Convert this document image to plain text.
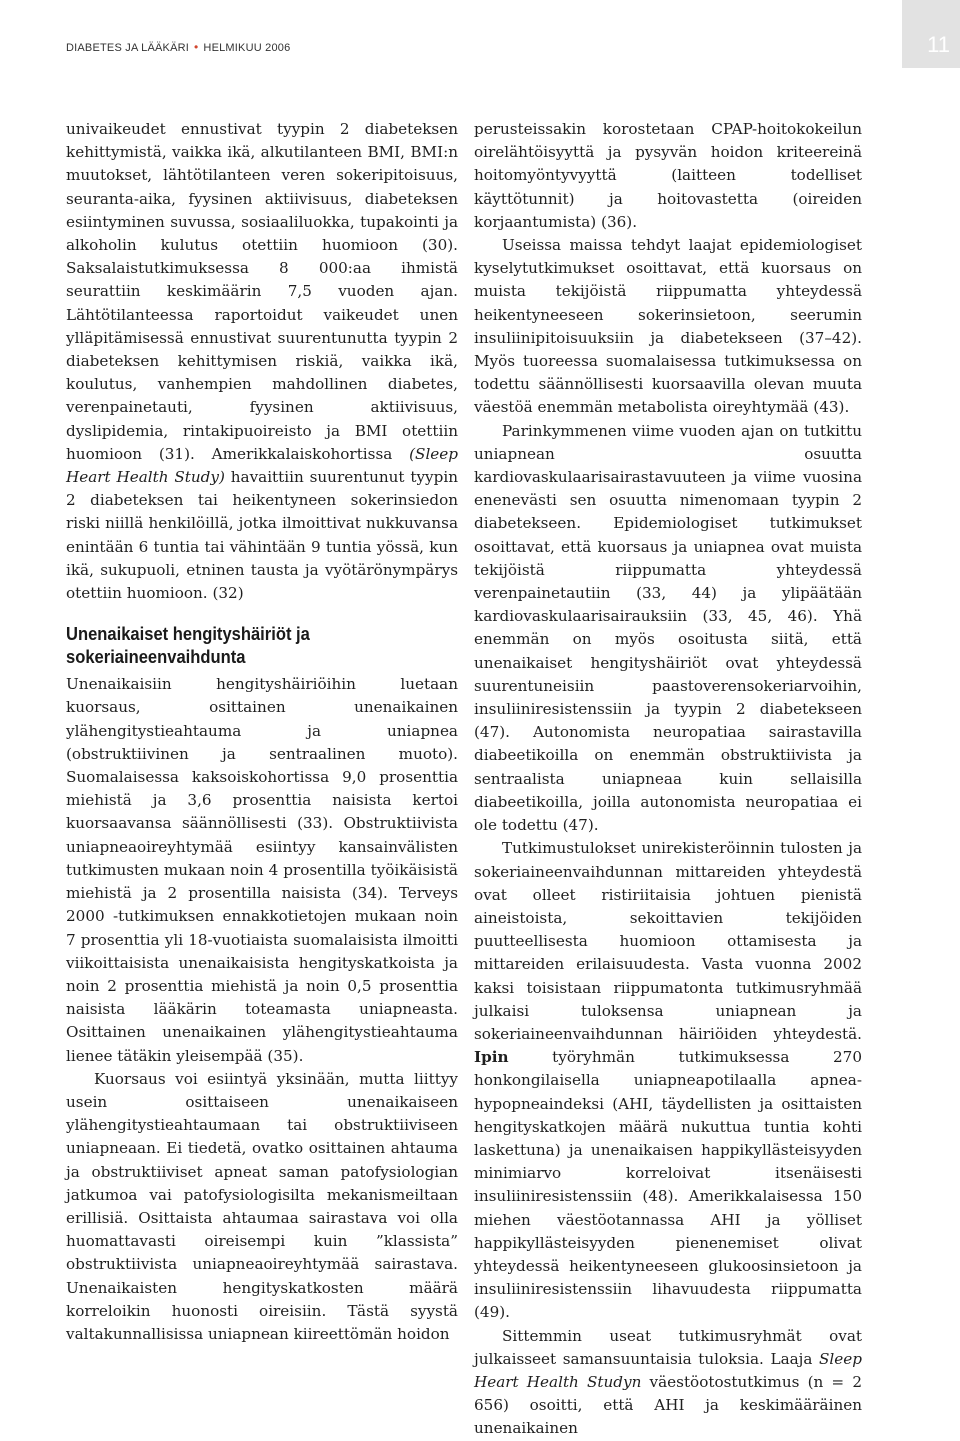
DIABETES JA LÄÄKÄRI • HELMIKUU 2006	11

univaikeudet ennustivat tyypin 2 diabeteksen kehittymistä, vaikka ikä, alkutilanteen BMI, BMI:n muutokset, lähtötilanteen veren sokeripitoisuus, seuranta-aika, fyysinen aktiivisuus, diabeteksen esiintyminen suvussa, sosiaaliluokka, tupakointi ja alkoholin kulutus otettiin huomioon (30). Saksalaistutkimuksessa 8 000:aa ihmistä seurattiin keskimäärin 7,5 vuoden ajan. Lähtötilanteessa raportoidut vaikeudet unen ylläpitämisessä ennustivat suurentunutta tyypin 2 diabeteksen kehittymisen riskiä, vaikka ikä, koulutus, vanhempien mahdollinen diabetes, verenpainetauti, fyysinen aktiivisuus, dyslipidemia, rintakipuoireisto ja BMI otettiin huomioon (31). Amerikkalaiskohortissa (Sleep Heart Health Study) havaittiin suurentunut tyypin 2 diabeteksen tai heikentyneen sokerinsiedon riski niillä henkilöillä, jotka ilmoittivat nukkuvansa enintään 6 tuntia tai vähintään 9 tuntia yössä, kun ikä, sukupuoli, etninen tausta ja vyötärönympärys otettiin huomioon. (32)

Unenaikaiset hengityshäiriöt ja sokeriaineenvaihdunta

Unenaikaisiin hengityshäiriöihin luetaan kuorsaus, osittainen unenaikainen ylähengitystieahtauma ja uniapnea (obstruktiivinen ja sentraalinen muoto). Suomalaisessa kaksoiskohortissa 9,0 prosenttia miehistä ja 3,6 prosenttia naisista kertoi kuorsaavansa säännöllisesti (33). Obstruktiivista uniapneaoireyhtymää esiintyy kansainvälisten tutkimusten mukaan noin 4 prosentilla työikäisistä miehistä ja 2 prosentilla naisista (34). Terveys 2000 -tutkimuksen ennakkotietojen mukaan noin 7 prosenttia yli 18-vuotiaista suomalaisista ilmoitti viikoittaisista unenaikaisista hengityskatkoista ja noin 2 prosenttia miehistä ja noin 0,5 prosenttia naisista lääkärin toteamasta uniapneasta. Osittainen unenaikainen ylähengitystieahtauma lienee tätäkin yleisempää (35).

Kuorsaus voi esiintyä yksinään, mutta liittyy usein osittaiseen unenaikaiseen ylähengitystieahtaumaan tai obstruktiiviseen uniapneaan. Ei tiedetä, ovatko osittainen ahtauma ja obstruktiiviset apneat saman patofysiologian jatkumoa vai patofysiologisilta mekanismeiltaan erillisiä. Osittaista ahtaumaa sairastava voi olla huomattavasti oireisempi kuin ”klassista” obstruktiivista uniapneaoireyhtymää sairastava. Unenaikaisten hengityskatkosten määrä korreloikin huonosti oireisiin. Tästä syystä valtakunnallisissa uniapnean kiireettömän hoidon

perusteissakin korostetaan CPAP-hoitokokeilun oirelähtöisyyttä ja pysyvän hoidon kriteereinä hoitomyöntyvyyttä (laitteen todelliset käyttötunnit) ja hoitovastetta (oireiden korjaantumista) (36).

Useissa maissa tehdyt laajat epidemiologiset kyselytutkimukset osoittavat, että kuorsaus on muista tekijöistä riippumatta yhteydessä heikentyneeseen sokerinsietoon, seerumin insuliinipitoisuuksiin ja diabetekseen (37–42). Myös tuoreessa suomalaisessa tutkimuksessa on todettu säännöllisesti kuorsaavilla olevan muuta väestöä enemmän metabolista oireyhtymää (43).

Parinkymmenen viime vuoden ajan on tutkittu uniapnean osuutta kardiovaskulaarisairastavuuteen ja viime vuosina enenevästi sen osuutta nimenomaan tyypin 2 diabetekseen. Epidemiologiset tutkimukset osoittavat, että kuorsaus ja uniapnea ovat muista tekijöistä riippumatta yhteydessä verenpainetautiin (33, 44) ja ylipäätään kardiovaskulaarisairauksiin (33, 45, 46). Yhä enemmän on myös osoitusta siitä, että unenaikaiset hengityshäiriöt ovat yhteydessä suurentuneisiin paastoverensokeriarvoihin, insuliiniresistenssiin ja tyypin 2 diabetekseen (47). Autonomista neuropatiaa sairastavilla diabeetikoilla on enemmän obstruktiivista ja sentraalista uniapneaa kuin sellaisilla diabeetikoilla, joilla autonomista neuropatiaa ei ole todettu (47).

Tutkimustulokset unirekisteröinnin tulosten ja sokeriaineenvaihdunnan mittareiden yhteydestä ovat olleet ristiriitaisia johtuen pienistä aineistoista, sekoittavien tekijöiden puutteellisesta huomioon ottamisesta ja mittareiden erilaisuudesta. Vasta vuonna 2002 kaksi toisistaan riippumatonta tutkimusryhmää julkaisi tuloksensa uniapnean ja sokeriaineenvaihdunnan häiriöiden yhteydestä. Ipin työryhmän tutkimuksessa 270 honkongilaisella uniapneapotilaalla apnea-hypopneaindeksi (AHI, täydellisten ja osittaisten hengityskatkojen määrä nukuttua tuntia kohti laskettuna) ja unenaikaisen happikyllästeisyyden minimiarvo korreloivat itsenäisesti insuliiniresistenssiin (48). Amerikkalaisessa 150 miehen väestöotannassa AHI ja yölliset happikyllästeisyyden pienenemiset olivat yhteydessä heikentyneeseen glukoosinsietoon ja insuliiniresistenssiin lihavuudesta riippumatta (49).

Sittemmin useat tutkimusryhmät ovat julkaisseet samansuuntaisia tuloksia. Laaja Sleep Heart Health Studyn väestöotostutkimus (n = 2 656) osoitti, että AHI ja keskimääräinen unenaikainen
